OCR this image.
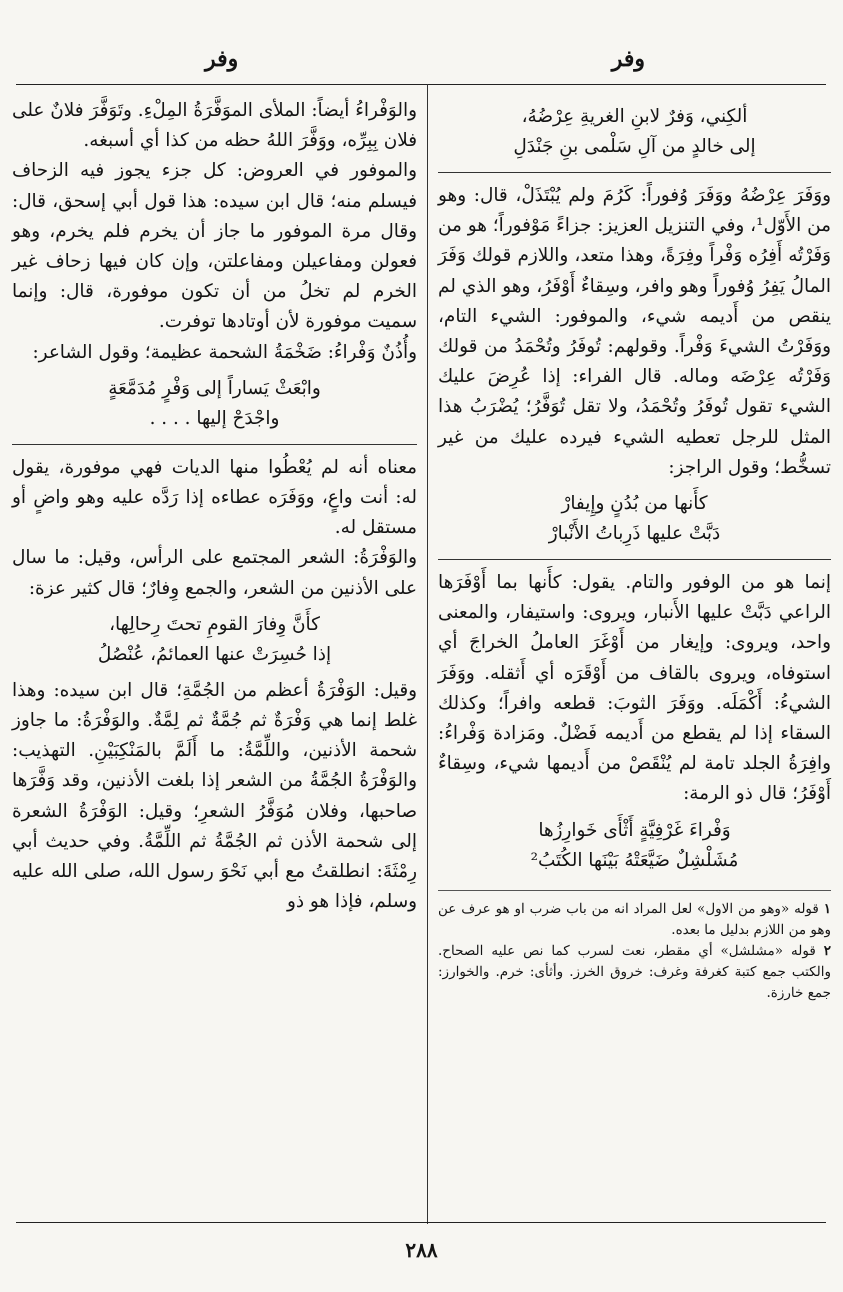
وفر
وفر
ألكِني، وَفرٌ لابنِ الغريةِ عِرْضُهُ،
إلى خالدٍ من آلِ سَلْمى بنِ جَنْدَلِ

ووَفَرَ عِرْضُهُ ووَفَرَ وُفوراً: كَرُمَ ولم يُبْتَذَلْ، قال: وهو من الأَوّل¹، وفي التنزيل العزيز: جزاءً مَوْفوراً؛ هو من وَفَرْتُه أَفِرُه وَفْراً وفِرَةً، وهذا متعد، واللازم قولك وَفَرَ المالُ يَفِرُ وُفوراً وهو وافر، وسِقاءٌ أَوْفَرُ، وهو الذي لم ينقص من أَديمه شيء، والموفور: الشيء التام، ووَفَرْتُ الشيءَ وَفْراً. وقولهم: تُوفَرُ وتُحْمَدُ من قولك وَفَرْتُه عِرْضَه وماله. قال الفراء: إذا عُرِضَ عليك الشيء تقول تُوفَرُ وتُحْمَدُ، ولا تقل تُوَفَّرُ؛ يُضْرَبُ هذا المثل للرجل تعطيه الشيء فيرده عليك من غير تسخُّط؛ وقول الراجز:

كأَنها من بُدُنٍ وإِيفارْ
دَبَّتْ عليها ذَرِباتُ الأَنْبارْ

إنما هو من الوفور والتام. يقول: كأَنها بما أَوْفَرَها الراعي دَبَّتْ عليها الأَنبار، ويروى: واستيفار، والمعنى واحد، ويروى: وإيغار من أَوْغَرَ العاملُ الخراجَ أي استوفاه، ويروى بالقاف من أَوْقَرَه أي أَثقله. ووَفَرَ الشيءُ: أَكْمَلَه. ووَفَرَ الثوبَ: قطعه وافراً؛ وكذلك السقاء إذا لم يقطع من أَديمه فَضْلٌ. ومَزادة وَفْراءُ: وافِرَةُ الجلد تامة لم يُنْقَصْ من أَديمها شيء، وسِقاءٌ أَوْفَرُ؛ قال ذو الرمة:

وَفْراءَ غَرْفِيَّةٍ أَثْأَى خَوارِزُها
مُشَلْشِلٌ ضَيَّعَتْهُ بَيْنَها الكُتَبُ²
١ قوله «وهو من الاول» لعل المراد انه من باب ضرب او هو عرف عن وهو من اللازم بدليل ما بعده.
٢ قوله «مشلشل» أي مقطر، نعت لسرب كما نص عليه الصحاح. والكتب جمع كتبة كغرفة وغرف: خروق الخرز. وأثأى: خرم. والخوارز: جمع خارزة.

والوَفْراءُ أيضاً: الملأى الموَفَّرَةُ المِلْءِ. وتَوَفَّرَ فلانٌ على فلان بِبِرِّه، ووَفَّرَ اللهُ حظه من كذا أي أسبغه.

والموفور في العروض: كل جزء يجوز فيه الزحاف فيسلم منه؛ قال ابن سيده: هذا قول أبي إسحق، قال: وقال مرة الموفور ما جاز أن يخرم فلم يخرم، وهو فعولن ومفاعيلن ومفاعلتن، وإن كان فيها زحاف غير الخرم لم تخلُ من أن تكون موفورة، قال: وإنما سميت موفورة لأن أوتادها توفرت.

وأُذُنٌ وَفْراءُ: ضَخْمَةُ الشحمة عظيمة؛ وقول الشاعر:

وابْعَثْ يَساراً إلى وَفْرٍ مُدَمَّعَةٍ
واجْدَحْ إليها . . . .

معناه أنه لم يُعْطُوا منها الديات فهي موفورة، يقول له: أنت واعٍ، ووَفَرَه عطاءه إذا رَدَّه عليه وهو واضٍ أو مستقل له.

والوَفْرَةُ: الشعر المجتمع على الرأس، وقيل: ما سال على الأذنين من الشعر، والجمع وِفارٌ؛ قال كثير عزة:

كأَنَّ وِفارَ القومِ تحتَ رِحالِها،
إذا حُسِرَتْ عنها العمائمُ، عُنْصُلُ

وقيل: الوَفْرَةُ أعظم من الجُمَّةِ؛ قال ابن سيده: وهذا غلط إنما هي وَفْرَةٌ ثم جُمَّةٌ ثم لِمَّةٌ. والوَفْرَةُ: ما جاوز شحمة الأذنين، واللِّمَّةُ: ما أَلَمَّ بالمَنْكِبَيْنِ. التهذيب: والوَفْرَةُ الجُمَّةُ من الشعر إذا بلغت الأذنين، وقد وَفَّرَها صاحبها، وفلان مُوَفَّرُ الشعرِ؛ وقيل: الوَفْرَةُ الشعرة إلى شحمة الأذن ثم الجُمَّةُ ثم اللِّمَّةُ. وفي حديث أبي رِمْثَةَ: انطلقتُ مع أبي نَحْوَ رسول الله، صلى الله عليه وسلم، فإذا هو ذو

٢٨٨
